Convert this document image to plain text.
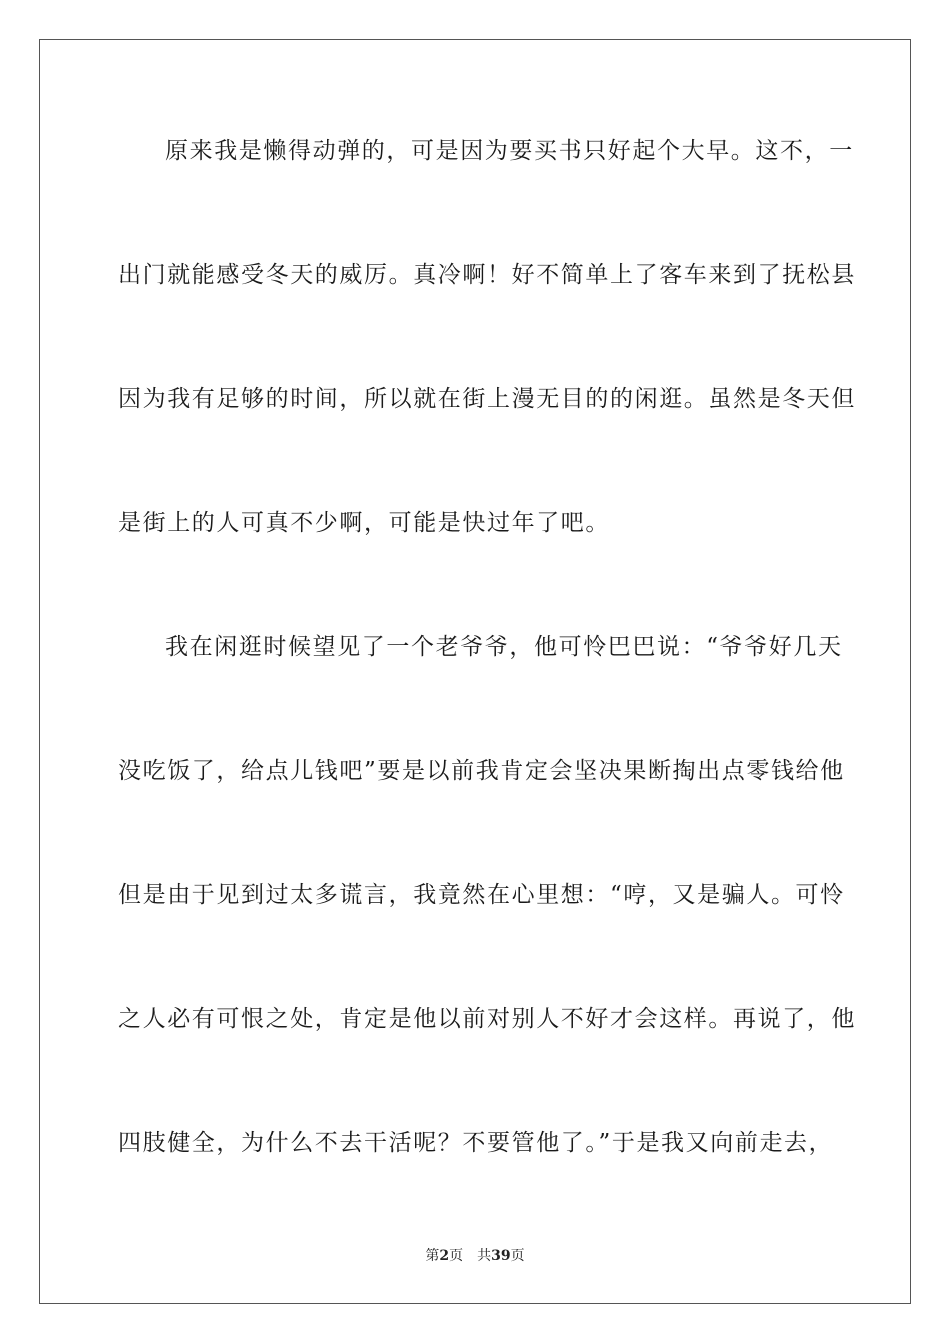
原来我是懒得动弹的，可是因为要买书只好起个大早。这不，一
出门就能感受冬天的威厉。真冷啊！好不简单上了客车来到了抚松县
因为我有足够的时间，所以就在街上漫无目的的闲逛。虽然是冬天但
是街上的人可真不少啊，可能是快过年了吧。
我在闲逛时候望见了一个老爷爷，他可怜巴巴说：“爷爷好几天
没吃饭了，给点儿钱吧”要是以前我肯定会坚决果断掏出点零钱给他
但是由于见到过太多谎言，我竟然在心里想：“哼，又是骗人。可怜
之人必有可恨之处，肯定是他以前对别人不好才会这样。再说了，他
四肢健全，为什么不去干活呢？不要管他了。”于是我又向前走去，
第2页 共39页
